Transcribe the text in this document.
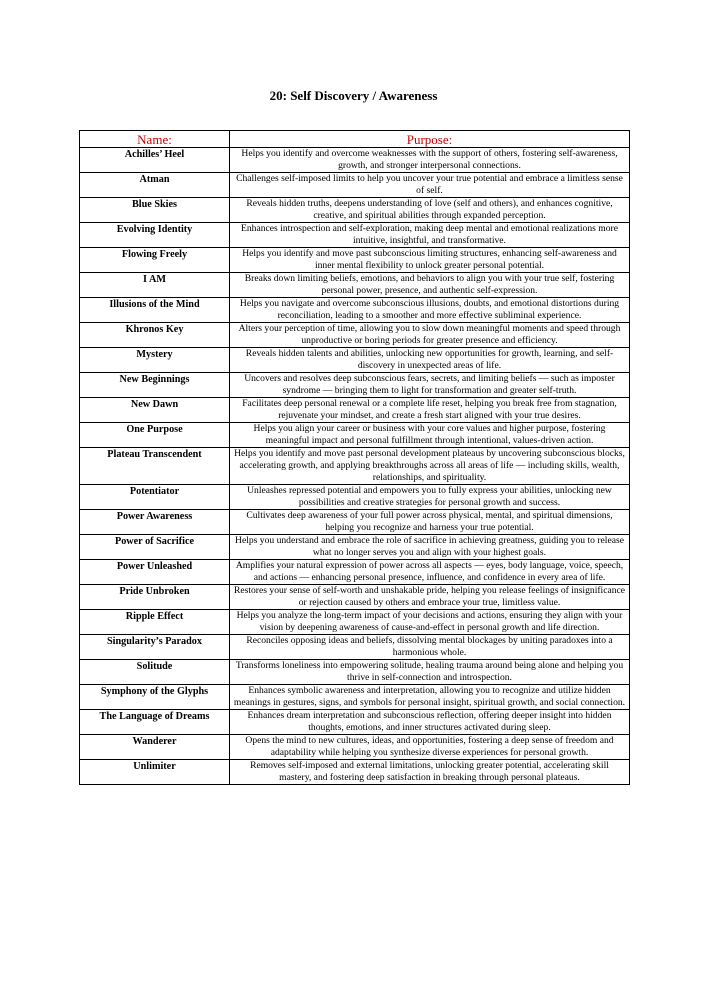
20: Self Discovery / Awareness
Name:	Purpose:
Achilles’ Heel	Helps you identify and overcome weaknesses with the support of others, fostering self-awareness, growth, and stronger interpersonal connections.
Atman	Challenges self-imposed limits to help you uncover your true potential and embrace a limitless sense of self.
Blue Skies	Reveals hidden truths, deepens understanding of love (self and others), and enhances cognitive, creative, and spiritual abilities through expanded perception.
Evolving Identity	Enhances introspection and self-exploration, making deep mental and emotional realizations more intuitive, insightful, and transformative.
Flowing Freely	Helps you identify and move past subconscious limiting structures, enhancing self-awareness and inner mental flexibility to unlock greater personal potential.
I AM	Breaks down limiting beliefs, emotions, and behaviors to align you with your true self, fostering personal power, presence, and authentic self-expression.
Illusions of the Mind	Helps you navigate and overcome subconscious illusions, doubts, and emotional distortions during reconciliation, leading to a smoother and more effective subliminal experience.
Khronos Key	Alters your perception of time, allowing you to slow down meaningful moments and speed through unproductive or boring periods for greater presence and efficiency.
Mystery	Reveals hidden talents and abilities, unlocking new opportunities for growth, learning, and self-discovery in unexpected areas of life.
New Beginnings	Uncovers and resolves deep subconscious fears, secrets, and limiting beliefs — such as imposter syndrome — bringing them to light for transformation and greater self-truth.
New Dawn	Facilitates deep personal renewal or a complete life reset, helping you break free from stagnation, rejuvenate your mindset, and create a fresh start aligned with your true desires.
One Purpose	Helps you align your career or business with your core values and higher purpose, fostering meaningful impact and personal fulfillment through intentional, values-driven action.
Plateau Transcendent	Helps you identify and move past personal development plateaus by uncovering subconscious blocks, accelerating growth, and applying breakthroughs across all areas of life — including skills, wealth, relationships, and spirituality.
Potentiator	Unleashes repressed potential and empowers you to fully express your abilities, unlocking new possibilities and creative strategies for personal growth and success.
Power Awareness	Cultivates deep awareness of your full power across physical, mental, and spiritual dimensions, helping you recognize and harness your true potential.
Power of Sacrifice	Helps you understand and embrace the role of sacrifice in achieving greatness, guiding you to release what no longer serves you and align with your highest goals.
Power Unleashed	Amplifies your natural expression of power across all aspects — eyes, body language, voice, speech, and actions — enhancing personal presence, influence, and confidence in every area of life.
Pride Unbroken	Restores your sense of self-worth and unshakable pride, helping you release feelings of insignificance or rejection caused by others and embrace your true, limitless value.
Ripple Effect	Helps you analyze the long-term impact of your decisions and actions, ensuring they align with your vision by deepening awareness of cause-and-effect in personal growth and life direction.
Singularity’s Paradox	Reconciles opposing ideas and beliefs, dissolving mental blockages by uniting paradoxes into a harmonious whole.
Solitude	Transforms loneliness into empowering solitude, healing trauma around being alone and helping you thrive in self-connection and introspection.
Symphony of the Glyphs	Enhances symbolic awareness and interpretation, allowing you to recognize and utilize hidden meanings in gestures, signs, and symbols for personal insight, spiritual growth, and social connection.
The Language of Dreams	Enhances dream interpretation and subconscious reflection, offering deeper insight into hidden thoughts, emotions, and inner structures activated during sleep.
Wanderer	Opens the mind to new cultures, ideas, and opportunities, fostering a deep sense of freedom and adaptability while helping you synthesize diverse experiences for personal growth.
Unlimiter	Removes self-imposed and external limitations, unlocking greater potential, accelerating skill mastery, and fostering deep satisfaction in breaking through personal plateaus.
